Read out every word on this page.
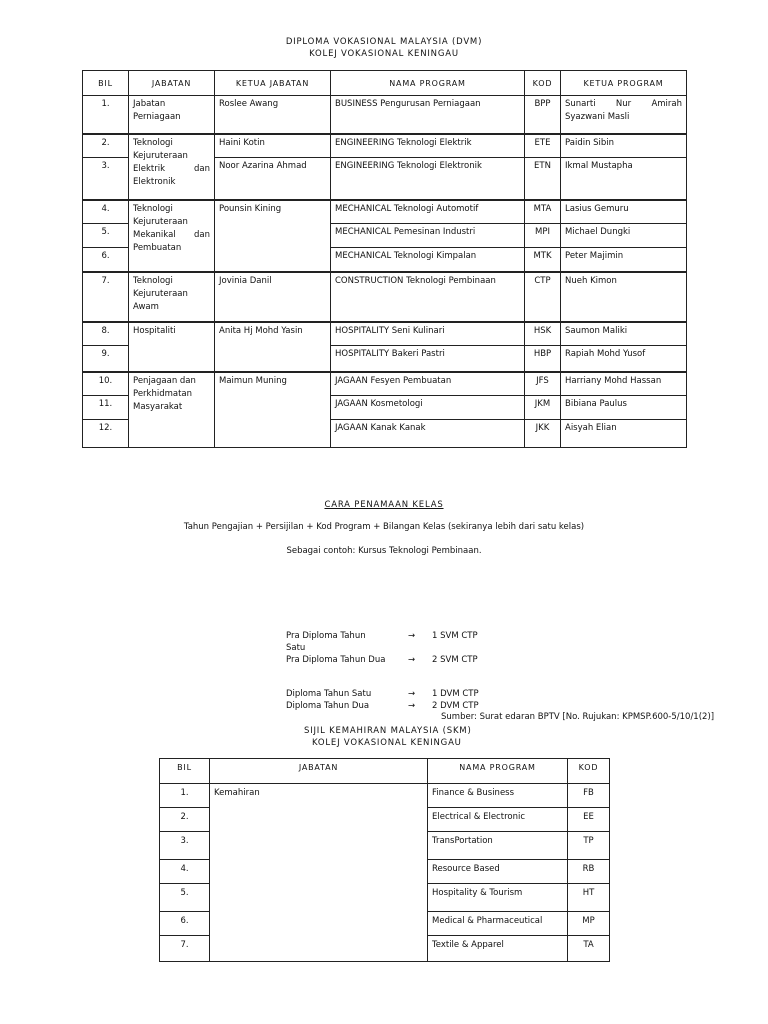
DIPLOMA VOKASIONAL MALAYSIA (DVM)
KOLEJ VOKASIONAL KENINGAU
BIL	JABATAN	KETUA JABATAN	NAMA PROGRAM	KOD	KETUA PROGRAM
1.	Jabatan Perniagaan	Roslee Awang	BUSINESS Pengurusan Perniagaan	BPP	Sunarti Nur Amirah Syazwani Masli
2.	Teknologi Kejuruteraan Elektrik dan Elektronik	Haini Kotin	ENGINEERING Teknologi Elektrik	ETE	Paidin Sibin
3.		Noor Azarina Ahmad	ENGINEERING Teknologi Elektronik	ETN	Ikmal Mustapha
4.	Teknologi Kejuruteraan Mekanikal dan Pembuatan	Pounsin Kining	MECHANICAL Teknologi Automotif	MTA	Lasius Gemuru
5.			MECHANICAL Pemesinan Industri	MPI	Michael Dungki
6.			MECHANICAL Teknologi Kimpalan	MTK	Peter Majimin
7.	Teknologi Kejuruteraan Awam	Jovinia Danil	CONSTRUCTION Teknologi Pembinaan	CTP	Nueh Kimon
8.	Hospitaliti	Anita Hj Mohd Yasin	HOSPITALITY Seni Kulinari	HSK	Saumon Maliki
9.			HOSPITALITY Bakeri Pastri	HBP	Rapiah Mohd Yusof
10.	Penjagaan dan Perkhidmatan Masyarakat	Maimun Muning	JAGAAN Fesyen Pembuatan	JFS	Harriany Mohd Hassan
11.			JAGAAN Kosmetologi	JKM	Bibiana Paulus
12.			JAGAAN Kanak Kanak	JKK	Aisyah Elian
CARA PENAMAAN KELAS
Tahun Pengajian + Persijilan + Kod Program + Bilangan Kelas (sekiranya lebih dari satu kelas)
Sebagai contoh: Kursus Teknologi Pembinaan.
Pra Diploma Tahun Satu
→ 1 SVM CTP
Pra Diploma Tahun Dua	→ 2 SVM CTP
Diploma Tahun Satu	→ 1 DVM CTP
Diploma Tahun Dua	→ 2 DVM CTP
Sumber: Surat edaran BPTV [No. Rujukan: KPMSP.600-5/10/1(2)]
SIJIL KEMAHIRAN MALAYSIA (SKM)
KOLEJ VOKASIONAL KENINGAU
BIL	JABATAN	NAMA PROGRAM	KOD
1.	Kemahiran	Finance & Business	FB
2.		Electrical & Electronic	EE
3.		TransPortation	TP
4.		Resource Based	RB
5.		Hospitality & Tourism	HT
6.		Medical & Pharmaceutical	MP
7.		Textile & Apparel	TA
